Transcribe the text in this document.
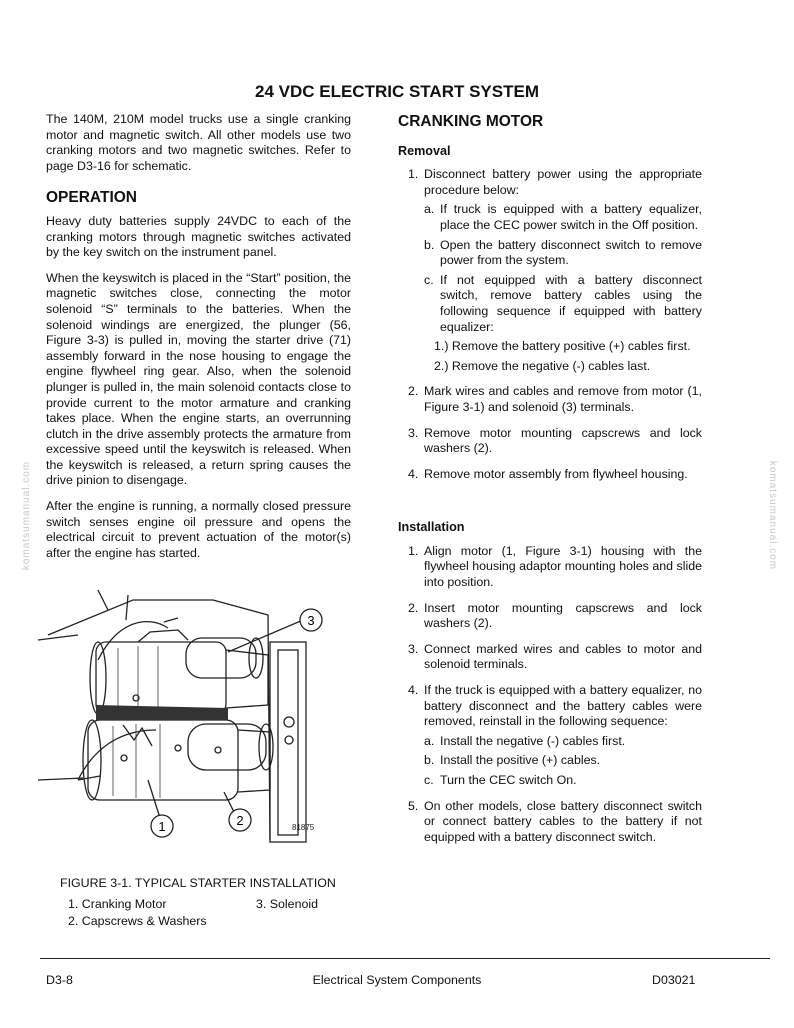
24 VDC ELECTRIC START SYSTEM

The 140M, 210M model trucks use a single cranking motor and magnetic switch. All other models use two cranking motors and two magnetic switches. Refer to page D3-16 for schematic.

OPERATION

Heavy duty batteries supply 24VDC to each of the cranking motors through magnetic switches activated by the key switch on the instrument panel.

When the keyswitch is placed in the “Start” position, the magnetic switches close, connecting the motor solenoid “S” terminals to the batteries. When the solenoid windings are energized, the plunger (56, Figure 3-3) is pulled in, moving the starter drive (71) assembly forward in the nose housing to engage the engine flywheel ring gear. Also, when the solenoid plunger is pulled in, the main solenoid contacts close to provide current to the motor armature and cranking takes place. When the engine starts, an overrunning clutch in the drive assembly protects the armature from excessive speed until the keyswitch is released. When the keyswitch is released, a return spring causes the drive pinion to disengage.

After the engine is running, a normally closed pressure switch senses engine oil pressure and opens the electrical circuit to prevent actuation of the motor(s) after the engine has started.

CRANKING MOTOR
Removal
1. Disconnect battery power using the appropriate procedure below:
a. If truck is equipped with a battery equalizer, place the CEC power switch in the Off position.
b. Open the battery disconnect switch to remove power from the system.
c. If not equipped with a battery disconnect switch, remove battery cables using the following sequence if equipped with battery equalizer:
1.) Remove the battery positive (+) cables first.
2.) Remove the negative (-) cables last.
2. Mark wires and cables and remove from motor (1, Figure 3-1) and solenoid (3) terminals.
3. Remove motor mounting capscrews and lock washers (2).
4. Remove motor assembly from flywheel housing.
Installation
1. Align motor (1, Figure 3-1) housing with the flywheel housing adaptor mounting holes and slide into position.
2. Insert motor mounting capscrews and lock washers (2).
3. Connect marked wires and cables to motor and solenoid terminals.
4. If the truck is equipped with a battery equalizer, no battery disconnect and the battery cables were removed, reinstall in the following sequence:
a. Install the negative (-) cables first.
b. Install the positive (+) cables.
c. Turn the CEC switch On.
5. On other models, close battery disconnect switch or connect battery cables to the battery if not equipped with a battery disconnect switch.
3
2
1	81875
FIGURE 3-1. TYPICAL STARTER INSTALLATION
1. Cranking Motor
2. Capscrews & Washers
3. Solenoid
komatsumanual.com	komatsumanual.com
D3-8	Electrical System Components	D03021
